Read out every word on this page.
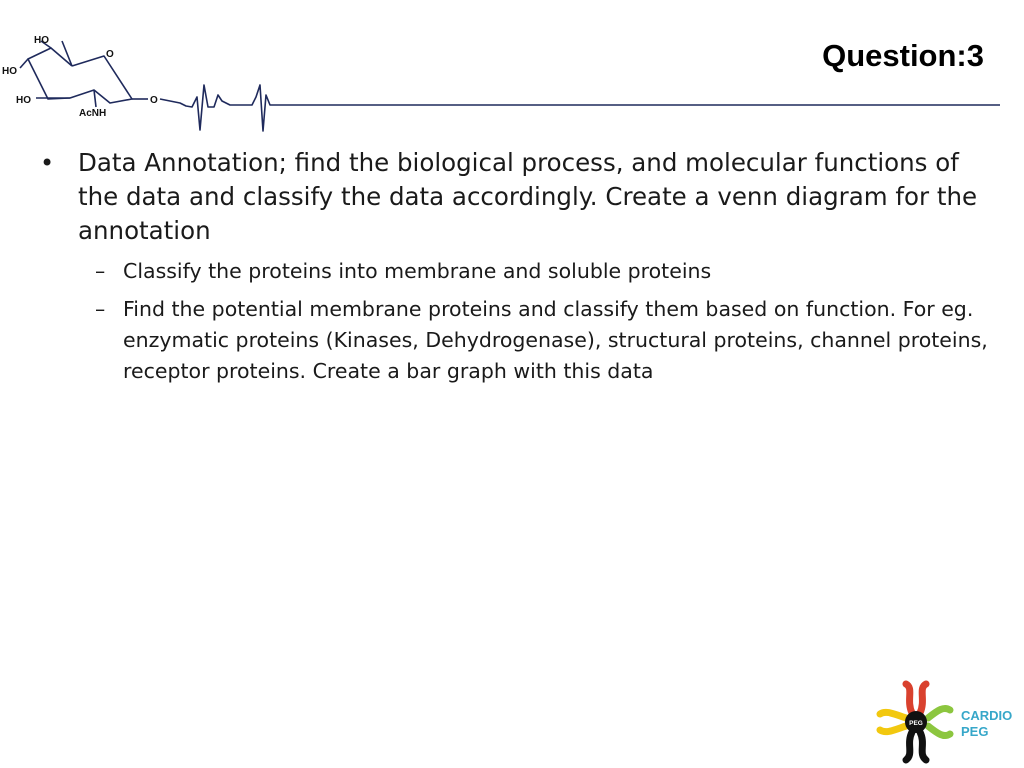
HO
HO
HO
O
O
AcNH
Question:3
• Data Annotation; find the biological process, and molecular functions of the data and classify the data accordingly. Create a venn diagram for the annotation
– Classify the proteins into membrane and soluble proteins
– Find the potential membrane proteins and classify them based on function. For eg. enzymatic proteins (Kinases, Dehydrogenase), structural proteins, channel proteins, receptor proteins. Create a bar graph with this data
PEG
CARDIO
PEG
